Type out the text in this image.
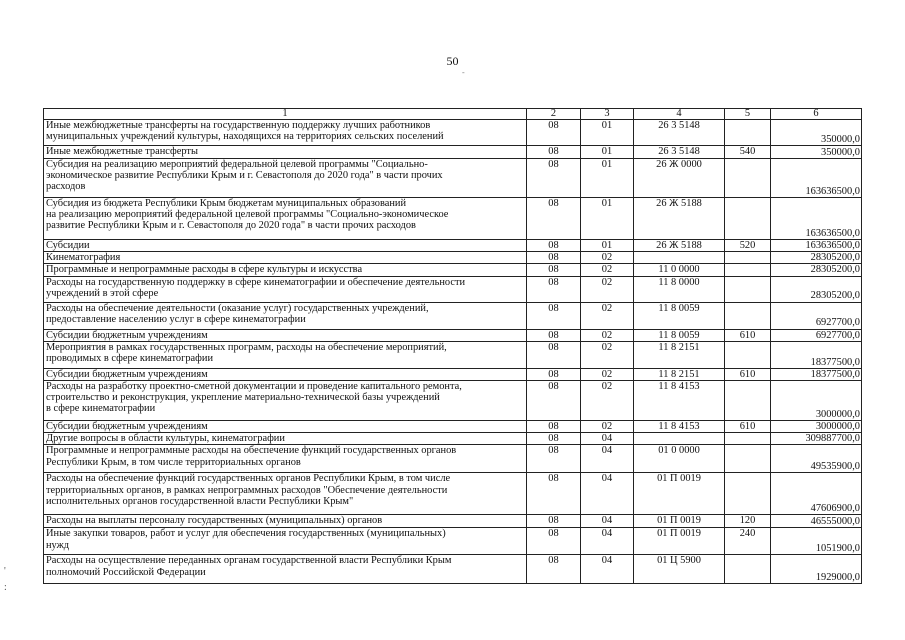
50
-
1	2	3	4	5	6
Иные межбюджетные трансферты на государственную поддержку лучших работников
муниципальных учреждений культуры, находящихся на территориях сельских поселений	08	01	26 3 5148		350000,0
Иные межбюджетные трансферты	08	01	26 3 5148	540	350000,0
Субсидия на реализацию мероприятий федеральной целевой программы "Социально-
экономическое развитие Республики Крым и г. Севастополя до 2020 года" в части прочих
расходов	08	01	26 Ж 0000		163636500,0
Субсидия из бюджета Республики Крым бюджетам муниципальных образований
на реализацию мероприятий федеральной целевой программы "Социально-экономическое
развитие Республики Крым и г. Севастополя до 2020 года" в части прочих расходов	08	01	26 Ж 5188		163636500,0
Субсидии	08	01	26 Ж 5188	520	163636500,0
Кинематография	08	02			28305200,0
Программные и непрограммные расходы в сфере культуры и искусства	08	02	11 0 0000		28305200,0
Расходы на государственную поддержку в сфере кинематографии и обеспечение деятельности
учреждений в этой сфере	08	02	11 8 0000		28305200,0
Расходы на обеспечение деятельности (оказание услуг) государственных учреждений,
предоставление населению услуг в сфере кинематографии	08	02	11 8 0059		6927700,0
Субсидии бюджетным учреждениям	08	02	11 8 0059	610	6927700,0
Мероприятия в рамках государственных программ, расходы на обеспечение мероприятий,
проводимых в сфере кинематографии	08	02	11 8 2151		18377500,0
Субсидии бюджетным учреждениям	08	02	11 8 2151	610	18377500,0
Расходы на разработку проектно-сметной документации и проведение капитального ремонта,
строительство и реконструкция, укрепление материально-технической базы учреждений
в сфере кинематографии	08	02	11 8 4153		3000000,0
Субсидии бюджетным учреждениям	08	02	11 8 4153	610	3000000,0
Другие вопросы в области культуры, кинематографии	08	04			309887700,0
Программные и непрограммные расходы на обеспечение функций государственных органов
Республики Крым, в том числе территориальных органов	08	04	01 0 0000		49535900,0
Расходы на обеспечение функций государственных органов Республики Крым, в том числе
территориальных органов, в рамках непрограммных расходов "Обеспечение деятельности
исполнительных органов государственной власти Республики Крым"	08	04	01 П 0019		47606900,0
Расходы на выплаты персоналу государственных (муниципальных) органов	08	04	01 П 0019	120	46555000,0
Иные закупки товаров, работ и услуг для обеспечения государственных (муниципальных)
нужд	08	04	01 П 0019	240	1051900,0
Расходы на осуществление переданных органам государственной власти Республики Крым
полномочий Российской Федерации	08	04	01 Ц 5900		1929000,0
'
:
